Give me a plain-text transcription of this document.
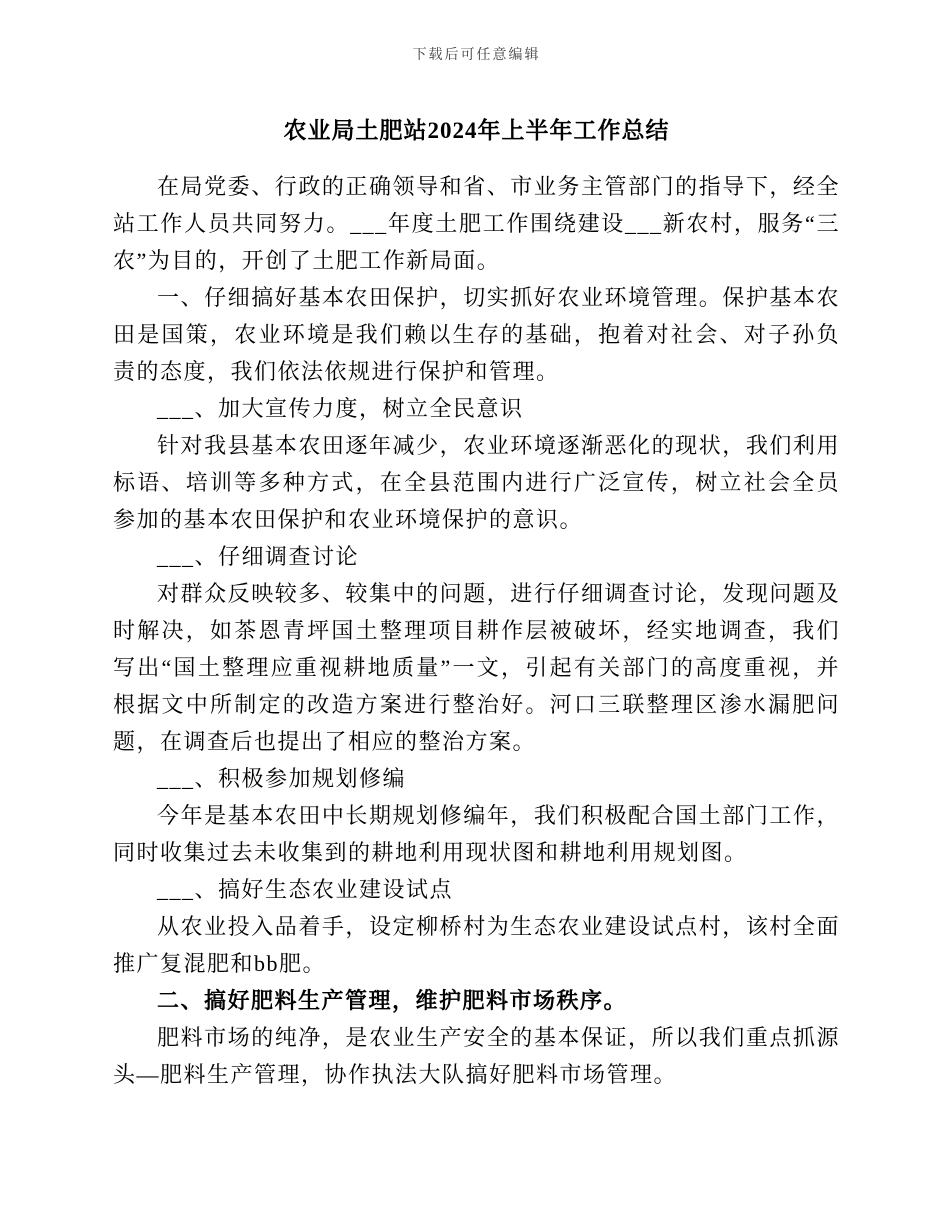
下载后可任意编辑
农业局土肥站2024年上半年工作总结

在局党委、行政的正确领导和省、市业务主管部门的指导下，经全站工作人员共同努力。___年度土肥工作围绕建设___新农村，服务“三农”为目的，开创了土肥工作新局面。

一、仔细搞好基本农田保护，切实抓好农业环境管理。保护基本农田是国策，农业环境是我们赖以生存的基础，抱着对社会、对子孙负责的态度，我们依法依规进行保护和管理。

___、加大宣传力度，树立全民意识

针对我县基本农田逐年减少，农业环境逐渐恶化的现状，我们利用标语、培训等多种方式，在全县范围内进行广泛宣传，树立社会全员参加的基本农田保护和农业环境保护的意识。

___、仔细调查讨论

对群众反映较多、较集中的问题，进行仔细调查讨论，发现问题及时解决，如茶恩青坪国土整理项目耕作层被破坏，经实地调查，我们写出“国土整理应重视耕地质量”一文，引起有关部门的高度重视，并根据文中所制定的改造方案进行整治好。河口三联整理区渗水漏肥问题，在调查后也提出了相应的整治方案。

___、积极参加规划修编

今年是基本农田中长期规划修编年，我们积极配合国土部门工作，同时收集过去未收集到的耕地利用现状图和耕地利用规划图。

___、搞好生态农业建设试点

从农业投入品着手，设定柳桥村为生态农业建设试点村，该村全面推广复混肥和bb肥。

二、搞好肥料生产管理，维护肥料市场秩序。

肥料市场的纯净，是农业生产安全的基本保证，所以我们重点抓源头—肥料生产管理，协作执法大队搞好肥料市场管理。
